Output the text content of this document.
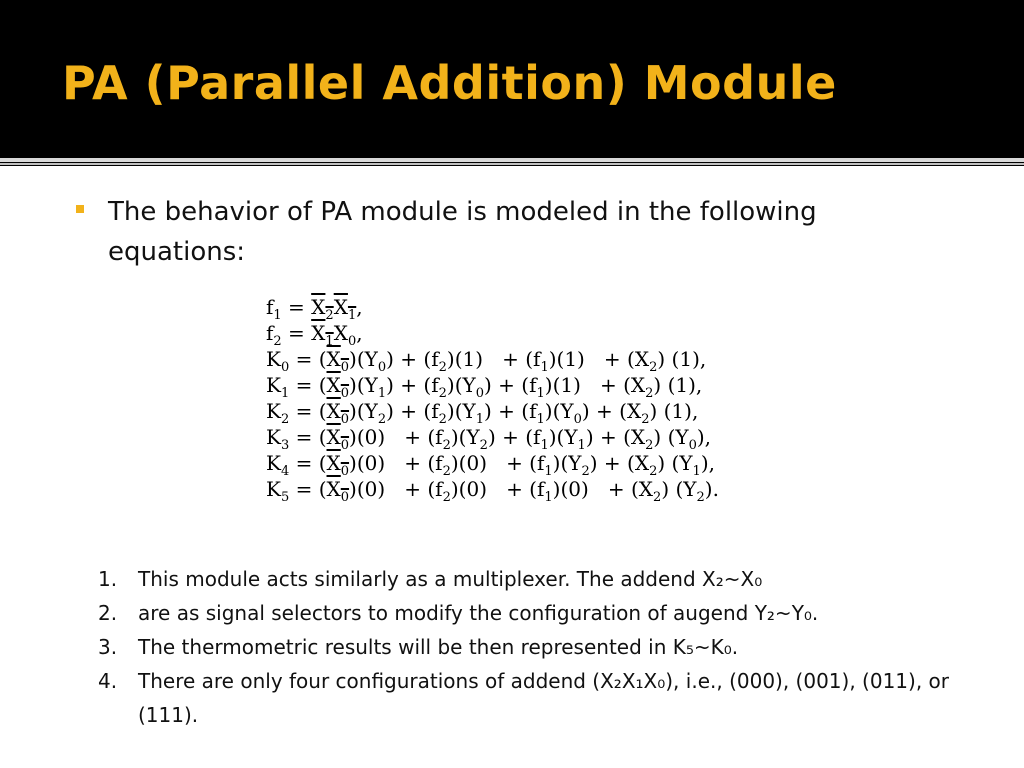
PA (Parallel Addition) Module
The behavior of PA module is modeled in the following equations:
$f_1 = X_2X_1$,
$f_2 = X_1X_0$,
$K_0 = (X_0)(Y_0) + (f_2)(1) + (f_1)(1) + (X_2)$ (1),
$K_1 = (X_0)(Y_1) + (f_2)(Y_0) + (f_1)(1) + (X_2)$ (1),
$K_2 = (X_0)(Y_2) + (f_2)(Y_1) + (f_1)(Y_0) + (X_2)$ (1),
$K_3 = (X_0)(0) + (f_2)(Y_2) + (f_1)(Y_1) + (X_2)$ $(Y_0)$,
$K_4 = (X_0)(0) + (f_2)(0) + (f_1)(Y_2) + (X_2)$ $(Y_1)$,
$K_5 = (X_0)(0) + (f_2)(0) + (f_1)(0) + (X_2)$ $(Y_2)$.
1. This module acts similarly as a multiplexer. The addend X₂~X₀
2. are as signal selectors to modify the configuration of augend Y₂~Y₀.
3. The thermometric results will be then represented in K₅~K₀.
4. There are only four configurations of addend (X₂X₁X₀), i.e., (000), (001), (011), or (111).
